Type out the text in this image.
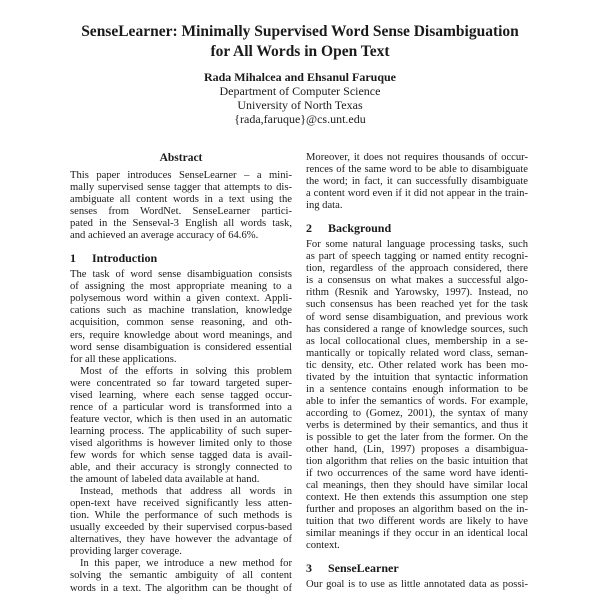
SenseLearner: Minimally Supervised Word Sense Disambiguation
for All Words in Open Text
Rada Mihalcea and Ehsanul Faruque
Department of Computer Science
University of North Texas
{rada,faruque}@cs.unt.edu
Abstract
This paper introduces SenseLearner – a mini-
mally supervised sense tagger that attempts to dis-
ambiguate all content words in a text using the
senses from WordNet. SenseLearner partici-
pated in the Senseval-3 English all words task,
and achieved an average accuracy of 64.6%.
1 Introduction
The task of word sense disambiguation consists
of assigning the most appropriate meaning to a
polysemous word within a given context. Appli-
cations such as machine translation, knowledge
acquisition, common sense reasoning, and oth-
ers, require knowledge about word meanings, and
word sense disambiguation is considered essential
for all these applications.
Most of the efforts in solving this problem
were concentrated so far toward targeted super-
vised learning, where each sense tagged occur-
rence of a particular word is transformed into a
feature vector, which is then used in an automatic
learning process. The applicability of such super-
vised algorithms is however limited only to those
few words for which sense tagged data is avail-
able, and their accuracy is strongly connected to
the amount of labeled data available at hand.
Instead, methods that address all words in
open-text have received significantly less atten-
tion. While the performance of such methods is
usually exceeded by their supervised corpus-based
alternatives, they have however the advantage of
providing larger coverage.
In this paper, we introduce a new method for
solving the semantic ambiguity of all content
words in a text. The algorithm can be thought of
Moreover, it does not requires thousands of occur-
rences of the same word to be able to disambiguate
the word; in fact, it can successfully disambiguate
a content word even if it did not appear in the train-
ing data.
2 Background
For some natural language processing tasks, such
as part of speech tagging or named entity recogni-
tion, regardless of the approach considered, there
is a consensus on what makes a successful algo-
rithm (Resnik and Yarowsky, 1997). Instead, no
such consensus has been reached yet for the task
of word sense disambiguation, and previous work
has considered a range of knowledge sources, such
as local collocational clues, membership in a se-
mantically or topically related word class, seman-
tic density, etc. Other related work has been mo-
tivated by the intuition that syntactic information
in a sentence contains enough information to be
able to infer the semantics of words. For example,
according to (Gomez, 2001), the syntax of many
verbs is determined by their semantics, and thus it
is possible to get the later from the former. On the
other hand, (Lin, 1997) proposes a disambigua-
tion algorithm that relies on the basic intuition that
if two occurrences of the same word have identi-
cal meanings, then they should have similar local
context. He then extends this assumption one step
further and proposes an algorithm based on the in-
tuition that two different words are likely to have
similar meanings if they occur in an identical local
context.
3 SenseLearner
Our goal is to use as little annotated data as possi-
